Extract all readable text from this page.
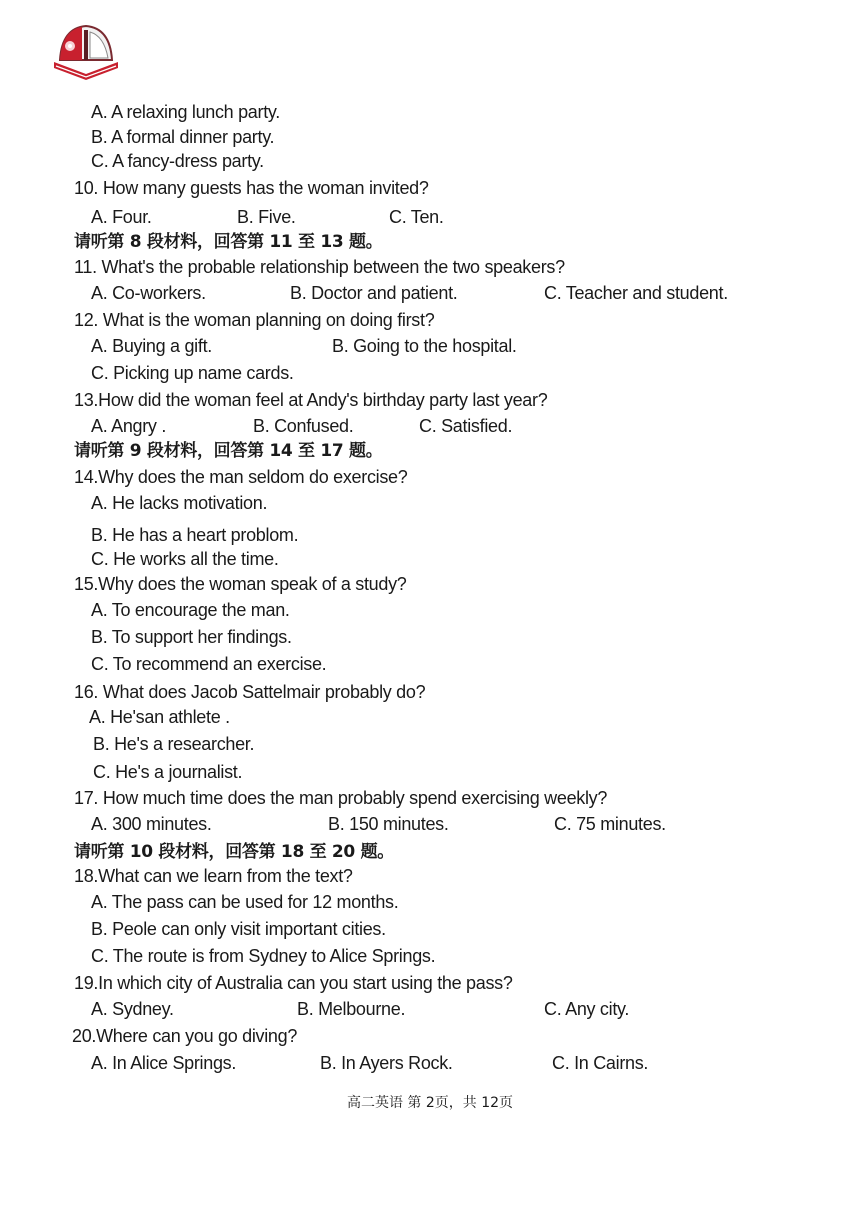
A. A relaxing lunch party.
B. A formal dinner party.
C. A fancy-dress party.
10. How many guests has the woman invited?
A. Four.	B. Five.	C. Ten.
请听第 8 段材料，回答第 11 至 13 题。
11. What's the probable relationship between the two speakers?
A. Co-workers.	B. Doctor and patient.	C. Teacher and student.
12. What is the woman planning on doing first?
A. Buying a gift.	B. Going to the hospital.
C. Picking up name cards.
13.How did the woman feel at Andy's birthday party last year?
A. Angry .	B. Confused.	C. Satisfied.
请听第 9 段材料，回答第 14 至 17 题。
14.Why does the man seldom do exercise?
A. He lacks motivation.
B. He has a heart problom.
C. He works all the time.
15.Why does the woman speak of a study?
A. To encourage the man.
B. To support her findings.
C. To recommend an exercise.
16. What does Jacob Sattelmair probably do?
A. He'san athlete .
B. He's a researcher.
C. He's a journalist.
17. How much time does the man probably spend exercising weekly?
A. 300 minutes.	B. 150 minutes.	C. 75 minutes.
请听第 10 段材料，回答第 18 至 20 题。
18.What can we learn from the text?
A. The pass can be used for 12 months.
B. Peole can only visit important cities.
C. The route is from Sydney to Alice Springs.
19.In which city of Australia can you start using the pass?
A. Sydney.	B. Melbourne.	C. Any city.
20.Where can you go diving?
A. In Alice Springs.	B. In Ayers Rock.	C. In Cairns.
高二英语 第 2页，共 12页
